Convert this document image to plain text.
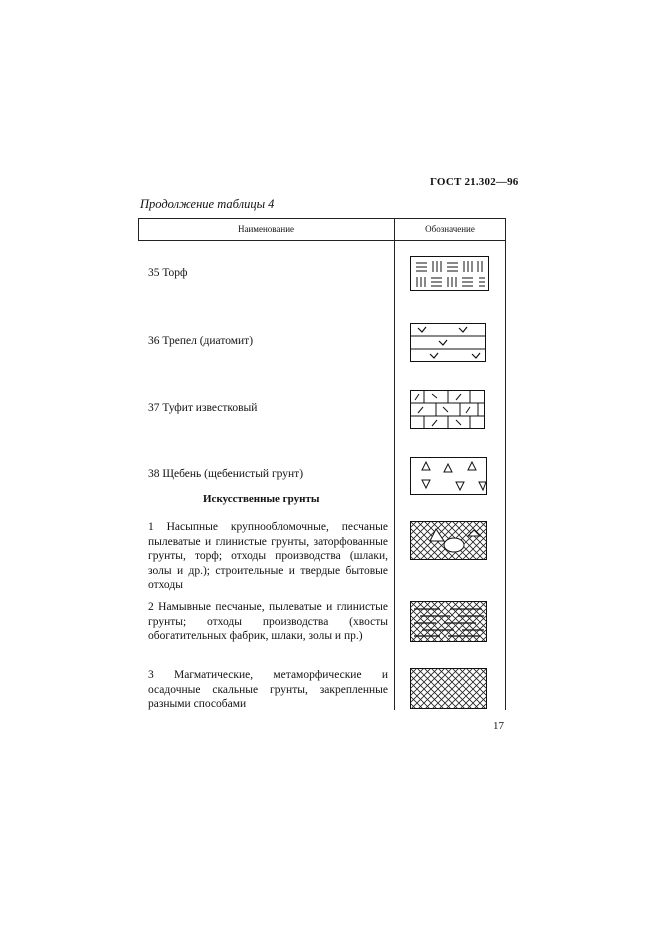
ГОСТ 21.302—96
Продолжение таблицы 4
Наименование	Обозначение
35 Торф
36 Трепел (диатомит)
37 Туфит известковый
38 Щебень (щебенистый грунт)
Искусственные грунты
1 Насыпные крупнообломочные, песчаные пылеватые и глинистые грунты, заторфованные грунты, торф; отходы производства (шлаки, золы и др.); строительные и твердые бытовые отходы
2 Намывные песчаные, пылеватые и глинистые грунты; отходы производства (хвосты обогатительных фабрик, шлаки, золы и пр.)
3 Магматические, метаморфические и осадочные скальные грунты, закрепленные разными способами
17
